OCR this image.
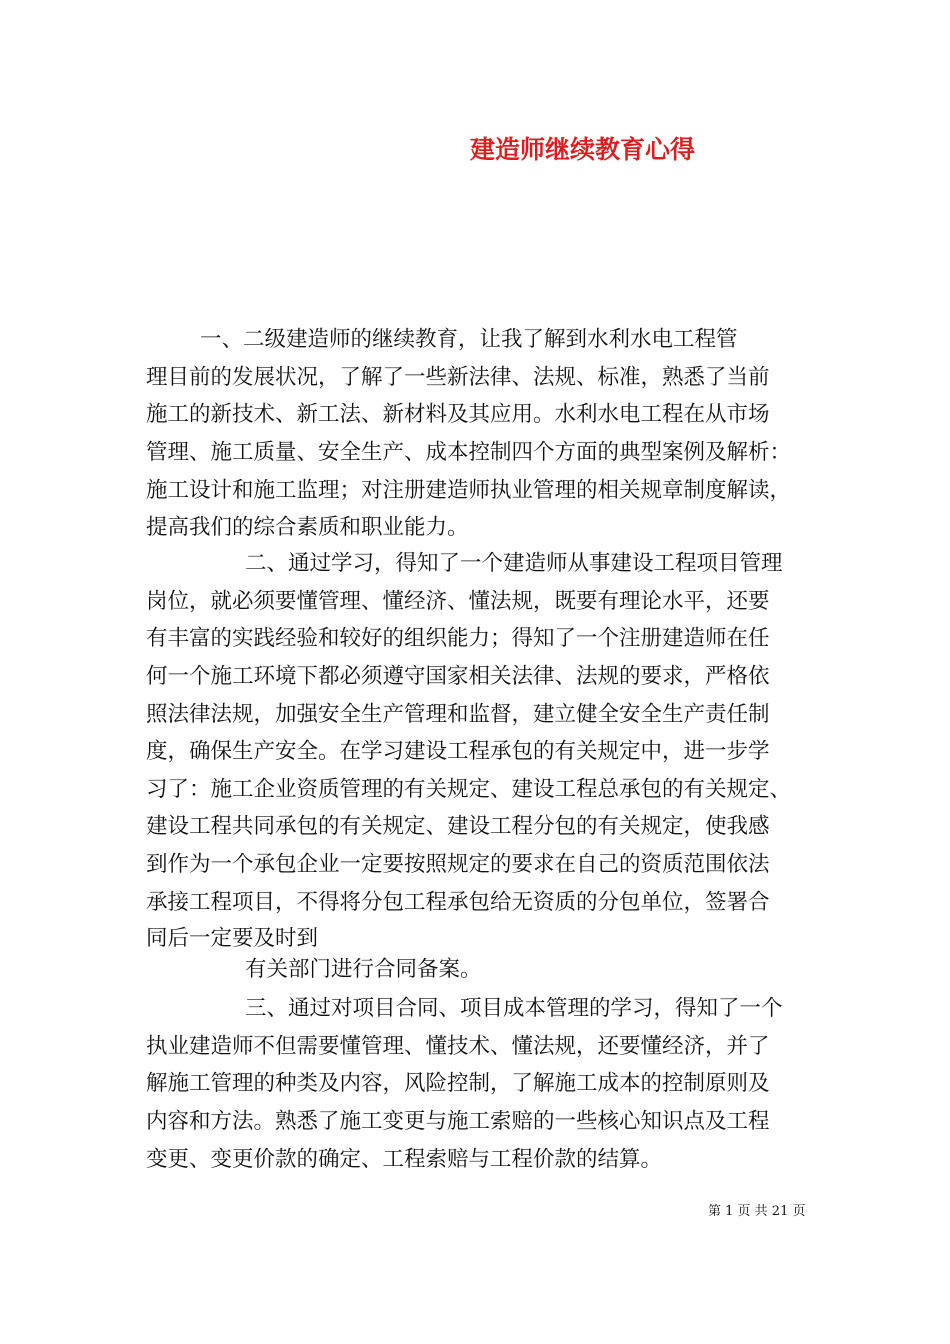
建造师继续教育心得

一、二级建造师的继续教育，让我了解到水利水电工程管

理目前的发展状况，了解了一些新法律、法规、标准，熟悉了当前

施工的新技术、新工法、新材料及其应用。水利水电工程在从市场

管理、施工质量、安全生产、成本控制四个方面的典型案例及解析：

施工设计和施工监理；对注册建造师执业管理的相关规章制度解读，

提高我们的综合素质和职业能力。

二、通过学习，得知了一个建造师从事建设工程项目管理

岗位，就必须要懂管理、懂经济、懂法规，既要有理论水平，还要

有丰富的实践经验和较好的组织能力；得知了一个注册建造师在任

何一个施工环境下都必须遵守国家相关法律、法规的要求，严格依

照法律法规，加强安全生产管理和监督，建立健全安全生产责任制

度，确保生产安全。在学习建设工程承包的有关规定中，进一步学

习了：施工企业资质管理的有关规定、建设工程总承包的有关规定、

建设工程共同承包的有关规定、建设工程分包的有关规定，使我感

到作为一个承包企业一定要按照规定的要求在自己的资质范围依法

承接工程项目，不得将分包工程承包给无资质的分包单位，签署合

同后一定要及时到

有关部门进行合同备案。

三、通过对项目合同、项目成本管理的学习，得知了一个

执业建造师不但需要懂管理、懂技术、懂法规，还要懂经济，并了

解施工管理的种类及内容，风险控制，了解施工成本的控制原则及

内容和方法。熟悉了施工变更与施工索赔的一些核心知识点及工程

变更、变更价款的确定、工程索赔与工程价款的结算。

第 1 页 共 21 页
